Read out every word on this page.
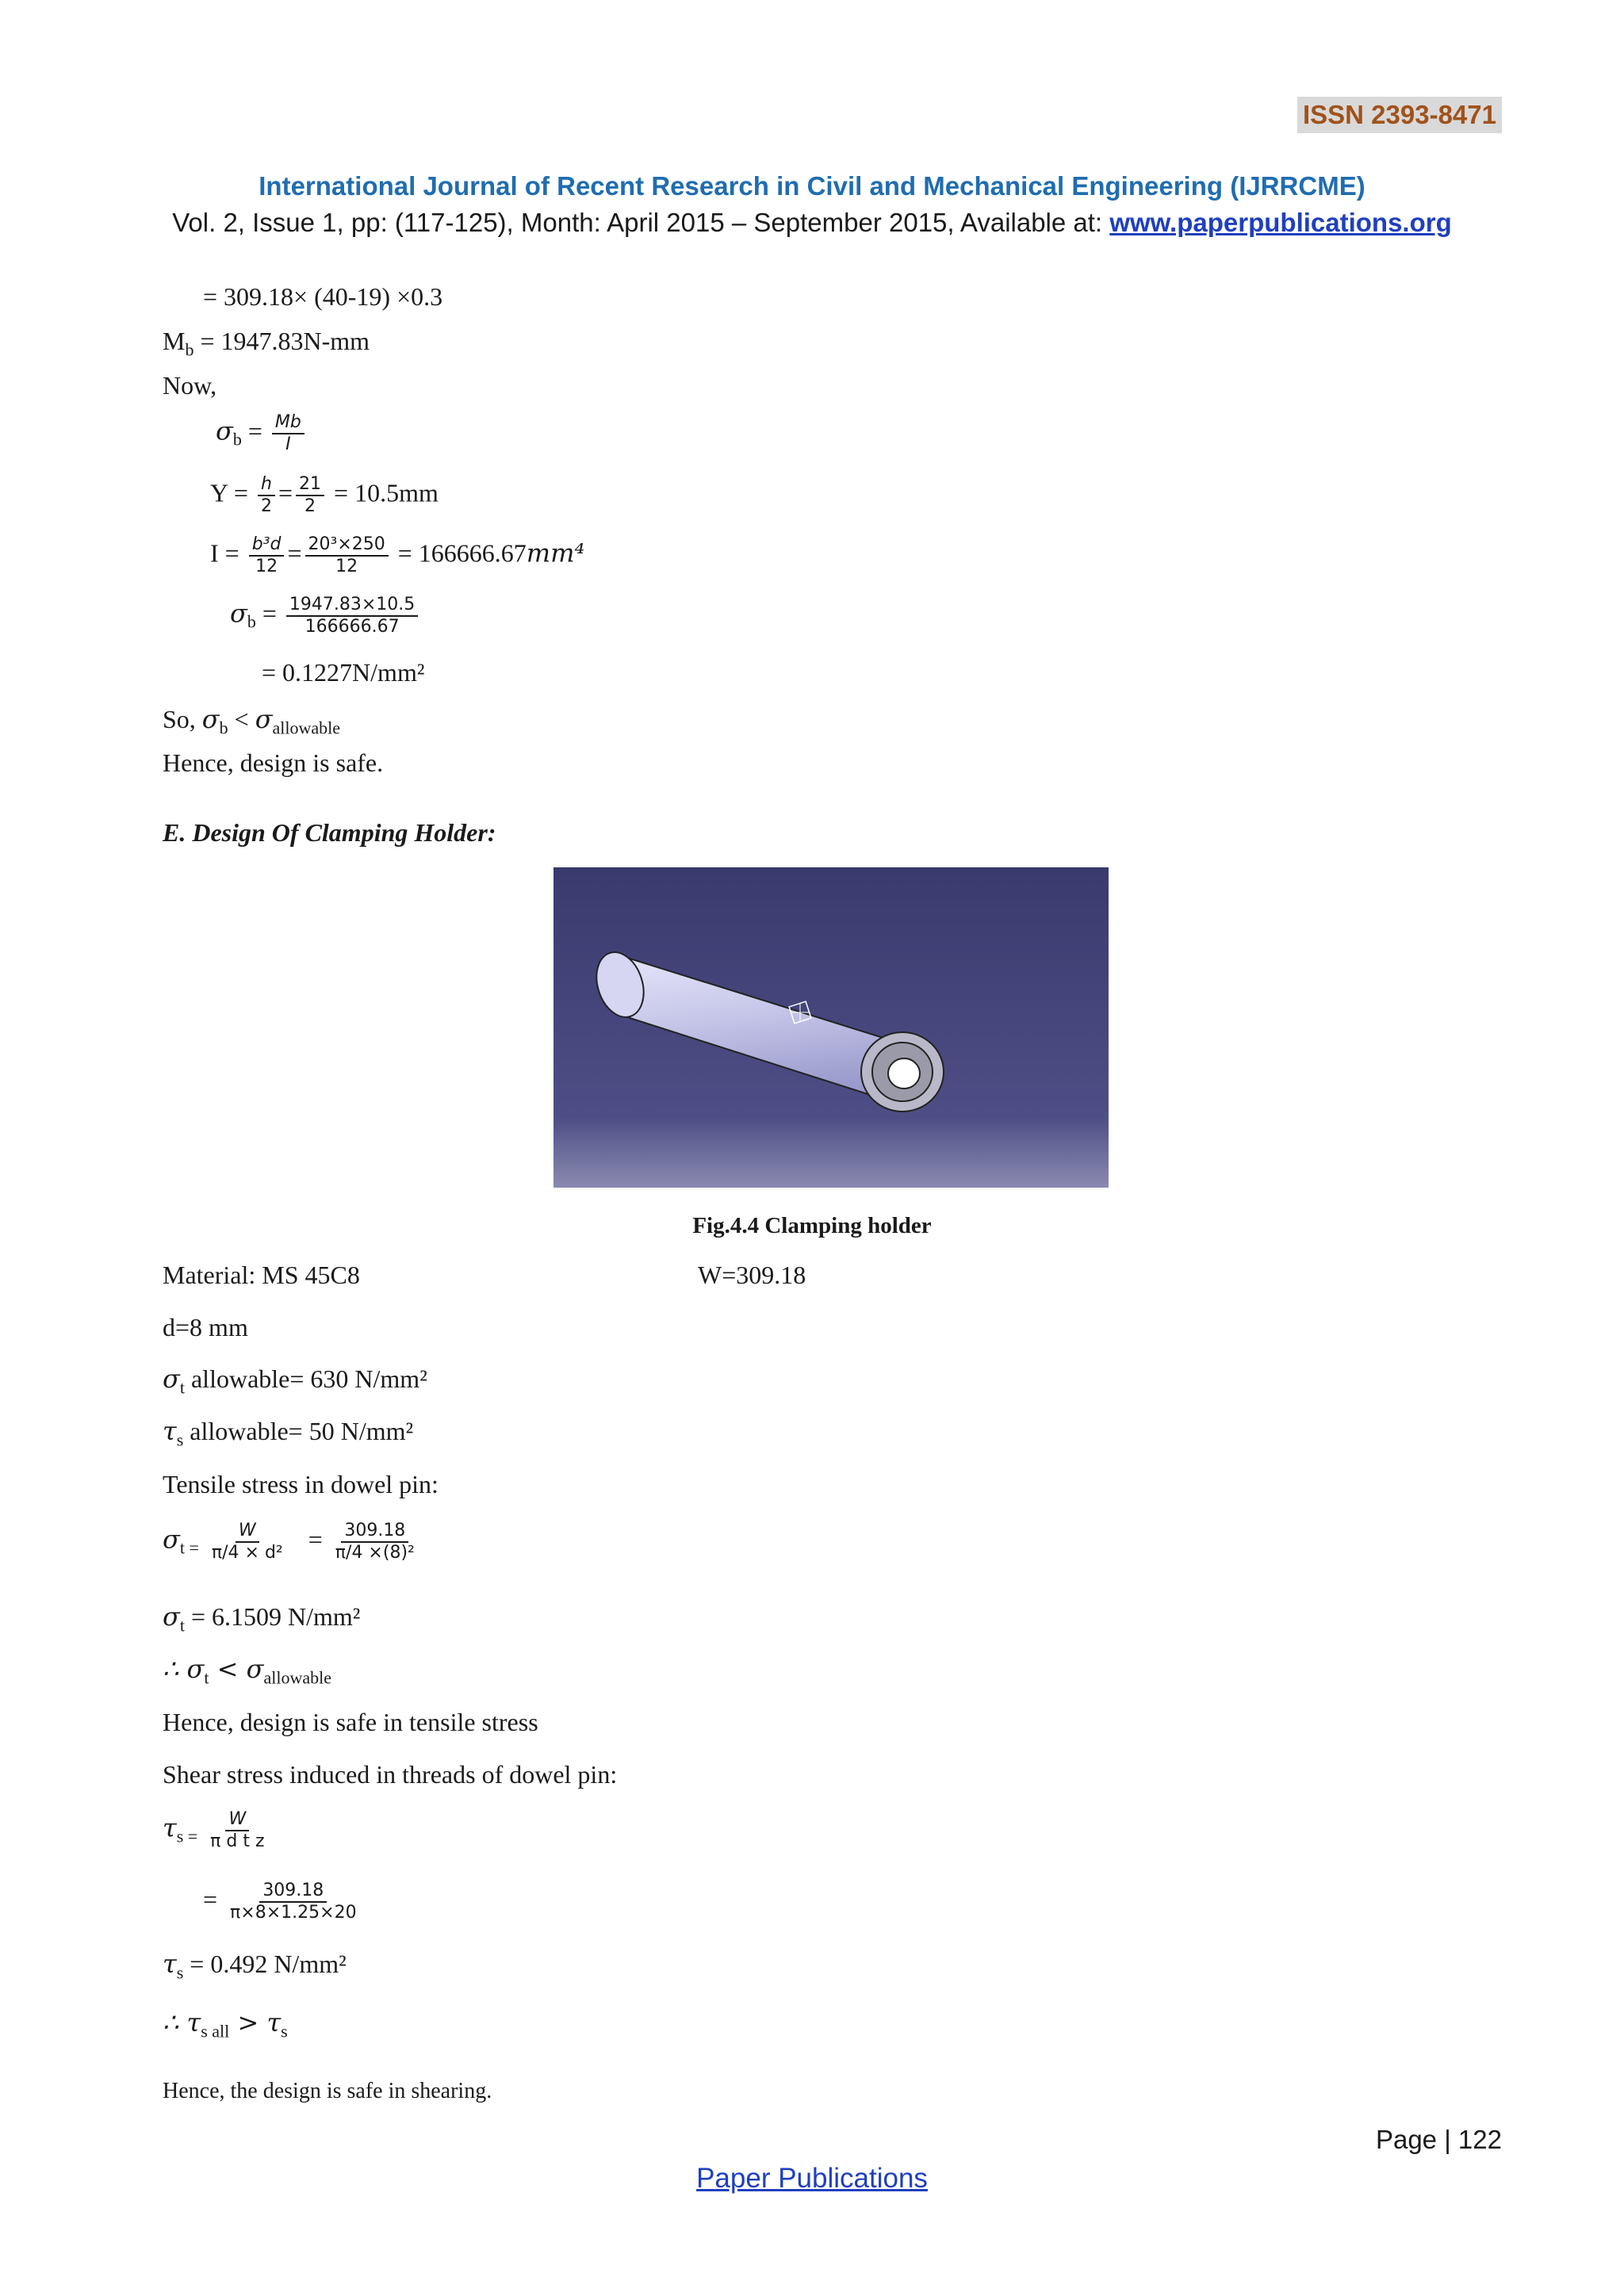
ISSN 2393-8471
International Journal of Recent Research in Civil and Mechanical Engineering (IJRRCME)
Vol. 2, Issue 1, pp: (117-125), Month: April 2015 – September 2015, Available at: www.paperpublications.org
= 309.18× (40-19) ×0.3
$M_b = 1947.83N-mm$
Now,
$\sigma_b = \frac{Mb}{I}$
$Y = \frac{h}{2} = \frac{21}{2} = 10.5mm$
$I = \frac{\text{b³d}}{12} = \frac{\text{20³×250}}{12} = 166666.67mm^4$
$\sigma_b = \frac{1947.83\times 10.5}{166666.67}$
= 0.1227N/mm²
So, $\sigma_b < \sigma_{allowable}$
Hence, design is safe.
E. Design Of Clamping Holder:
Fig.4.4 Clamping holder
Material: MS 45C8	W=309.18
d=8 mm
$\sigma_t$ allowable= 630 N/mm²
$\tau_s$ allowable= 50 N/mm²
Tensile stress in dowel pin:
$\sigma_{t =} \frac{W}{\text{π/4 × d²}} = \frac{309.18}{\text{π/4 ×(8)²}}$
$\sigma_t = 6.1509$ N/mm²
∴ $\sigma_t < \sigma_{allowable}$
Hence, design is safe in tensile stress
Shear stress induced in threads of dowel pin:
$\tau_{s =} \frac{W}{\text{π d t z}}$
= $\frac{309.18}{\pi\times 8\times 1.25\times 20}$
$\tau_s = 0.492$ N/mm²
∴ $\tau_{s all} > \tau_s$
Hence, the design is safe in shearing.
Page | 122
Paper Publications
